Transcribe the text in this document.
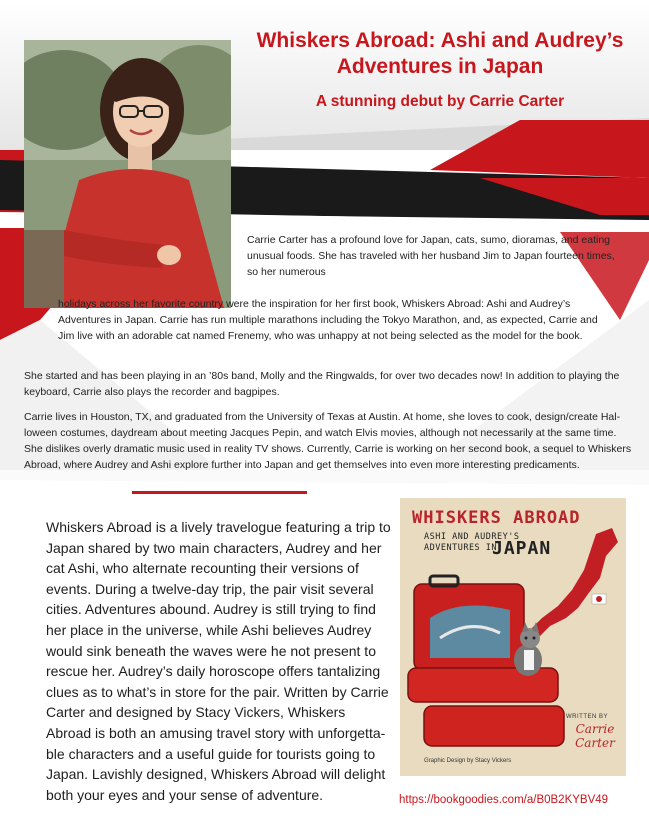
Whiskers Abroad: Ashi and Audrey’s Adventures in Japan
A stunning debut by Carrie Carter

Carrie Carter has a profound love for Japan, cats, sumo, dioramas, and eating unusual foods. She has traveled with her husband Jim to Japan fourteen times, so her numerous

holidays across her favorite country were the inspiration for her first book, Whiskers Abroad: Ashi and Audrey’s Adventures in Japan. Carrie has run multiple marathons including the Tokyo Marathon, and, as expected, Carrie and Jim live with an adorable cat named Frenemy, who was unhappy at not being selected as the model for the book.

She started and has been playing in an ’80s band, Molly and the Ringwalds, for over two decades now! In addition to playing the keyboard, Carrie also plays the recorder and bagpipes.

Carrie lives in Houston, TX, and graduated from the University of Texas at Austin. At home, she loves to cook, design/create Halloween costumes, daydream about meeting Jacques Pepin, and watch Elvis movies, although not necessarily at the same time. She dislikes overly dramatic music used in reality TV shows. Currently, Carrie is working on her second book, a sequel to Whiskers Abroad, where Audrey and Ashi explore further into Japan and get themselves into even more interesting predicaments.

Whiskers Abroad is a lively travelogue featuring a trip to Japan shared by two main characters, Audrey and her cat Ashi, who alternate recounting their versions of events. During a twelve-day trip, the pair visit several cities. Adventures abound. Audrey is still trying to find her place in the universe, while Ashi believes Audrey would sink beneath the waves were he not present to rescue her. Audrey’s daily horoscope offers tantalizing clues as to what’s in store for the pair. Written by Carrie Carter and designed by Stacy Vickers, Whiskers Abroad is both an amusing travel story with unforgettable characters and a useful guide for tourists going to Japan. Lavishly designed, Whiskers Abroad will delight both your eyes and your sense of adventure.

WHISKERS ABROAD
ASHI AND AUDREY'S
ADVENTURES IN
JAPAN
WRITTEN BY
Carrie
Carter
Graphic Design by Stacy Vickers

https://bookgoodies.com/a/B0B2KYBV49
